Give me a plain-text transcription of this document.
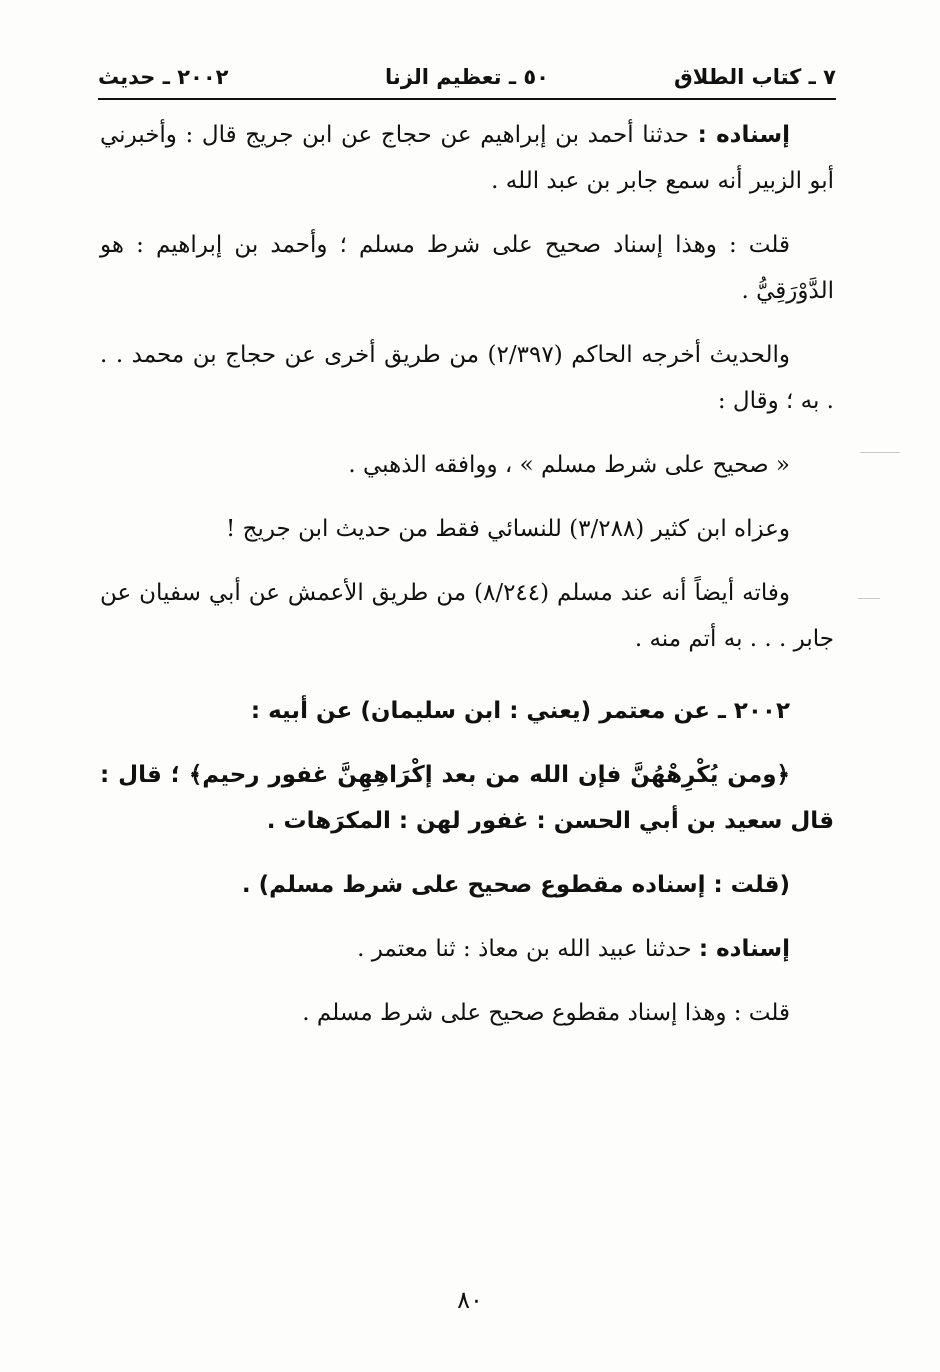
٧ ـ كتاب الطلاق
٥٠ ـ تعظيم الزنا
٢٠٠٢ ـ حديث

إسناده : حدثنا أحمد بن إبراهيم عن حجاج عن ابن جريج قال : وأخبرني أبو الزبير أنه سمع جابر بن عبد الله .

قلت : وهذا إسناد صحيح على شرط مسلم ؛ وأحمد بن إبراهيم : هو الدَّوْرَقِيُّ .

والحديث أخرجه الحاكم (٢/٣٩٧) من طريق أخرى عن حجاج بن محمد . . . به ؛ وقال :

« صحيح على شرط مسلم » ، ووافقه الذهبي .

وعزاه ابن كثير (٣/٢٨٨) للنسائي فقط من حديث ابن جريج !

وفاته أيضاً أنه عند مسلم (٨/٢٤٤) من طريق الأعمش عن أبي سفيان عن جابر . . . به أتم منه .

٢٠٠٢ ـ عن معتمر (يعني : ابن سليمان) عن أبيه :

﴿ومن يُكْرِهْهُنَّ فإن الله من بعد إكْرَاهِهِنَّ غفور رحيم﴾ ؛ قال : قال سعيد بن أبي الحسن : غفور لهن : المكرَهات .

(قلت : إسناده مقطوع صحيح على شرط مسلم) .

إسناده : حدثنا عبيد الله بن معاذ : ثنا معتمر .

قلت : وهذا إسناد مقطوع صحيح على شرط مسلم .

٨٠
